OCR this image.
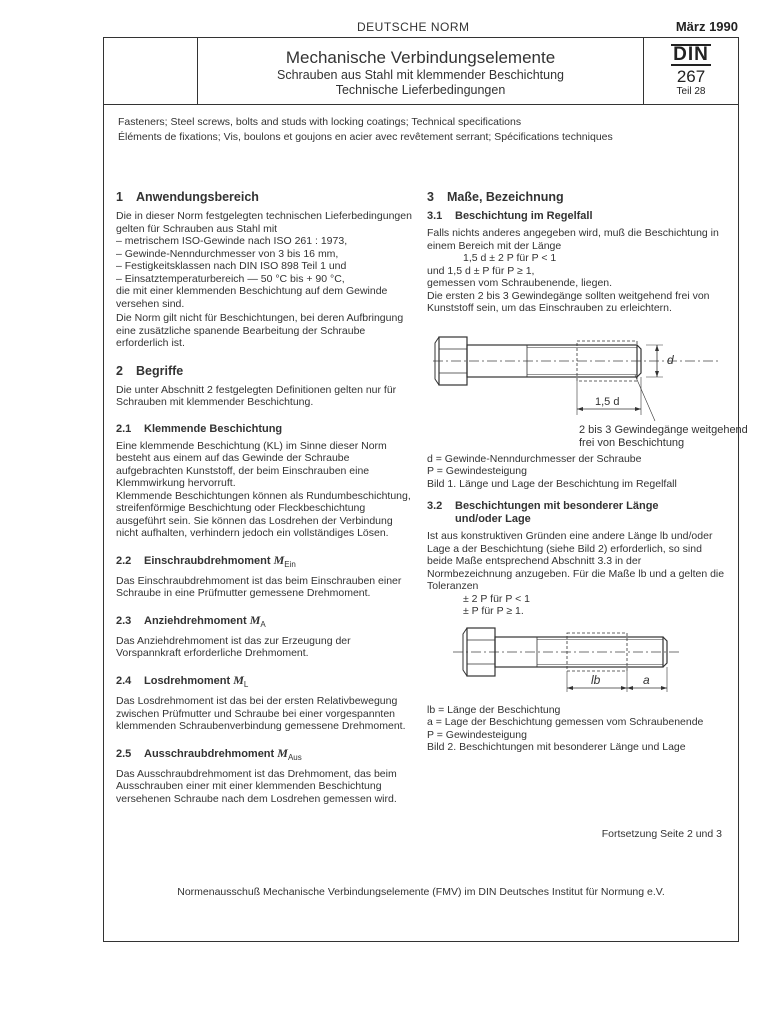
DEUTSCHE NORM	März 1990
Mechanische Verbindungselemente
Schrauben aus Stahl mit klemmender Beschichtung
Technische Lieferbedingungen
DIN
267
Teil 28
Fasteners; Steel screws, bolts and studs with locking coatings; Technical specifications
Éléments de fixations; Vis, boulons et goujons en acier avec revêtement serrant; Spécifications techniques
1 Anwendungsbereich

Die in dieser Norm festgelegten technischen Lieferbedingungen gelten für Schrauben aus Stahl mit

– metrischem ISO-Gewinde nach ISO 261 : 1973,

– Gewinde-Nenndurchmesser von 3 bis 16 mm,

– Festigkeitsklassen nach DIN ISO 898 Teil 1 und

– Einsatztemperaturbereich — 50 °C bis + 90 °C,

die mit einer klemmenden Beschichtung auf dem Gewinde versehen sind.

Die Norm gilt nicht für Beschichtungen, bei deren Aufbringung eine zusätzliche spanende Bearbeitung der Schraube erforderlich ist.

2 Begriffe

Die unter Abschnitt 2 festgelegten Definitionen gelten nur für Schrauben mit klemmender Beschichtung.

2.1 Klemmende Beschichtung

Eine klemmende Beschichtung (KL) im Sinne dieser Norm besteht aus einem auf das Gewinde der Schraube aufgebrachten Kunststoff, der beim Einschrauben eine Klemmwirkung hervorruft.

Klemmende Beschichtungen können als Rundumbeschichtung, streifenförmige Beschichtung oder Fleckbeschichtung ausgeführt sein. Sie können das Losdrehen der Verbindung nicht aufhalten, verhindern jedoch ein vollständiges Lösen.

2.2 Einschraubdrehmoment $M_{Ein}$

Das Einschraubdrehmoment ist das beim Einschrauben einer Schraube in eine Prüfmutter gemessene Drehmoment.

2.3 Anziehdrehmoment $M_A$

Das Anziehdrehmoment ist das zur Erzeugung der Vorspannkraft erforderliche Drehmoment.

2.4 Losdrehmoment $M_L$

Das Losdrehmoment ist das bei der ersten Relativbewegung zwischen Prüfmutter und Schraube bei einer vorgespannten klemmenden Schraubenverbindung gemessene Drehmoment.

2.5 Ausschraubdrehmoment $M_{Aus}$

Das Ausschraubdrehmoment ist das Drehmoment, das beim Ausschrauben einer mit einer klemmenden Beschichtung versehenen Schraube nach dem Losdrehen gemessen wird.

3 Maße, Bezeichnung
3.1 Beschichtung im Regelfall

Falls nichts anderes angegeben wird, muß die Beschichtung in einem Bereich mit der Länge

1,5 d ± 2 P für P < 1

und 1,5 d ± P für P ≥ 1,

gemessen vom Schraubenende, liegen.

Die ersten 2 bis 3 Gewindegänge sollten weitgehend frei von Kunststoff sein, um das Einschrauben zu erleichtern.

d
1,5 d
2 bis 3 Gewindegänge weitgehend
frei von Beschichtung

d = Gewinde-Nenndurchmesser der Schraube

P = Gewindesteigung

Bild 1. Länge und Lage der Beschichtung im Regelfall

3.2 Beschichtungen mit besonderer Länge
und/oder Lage

Ist aus konstruktiven Gründen eine andere Länge lb und/oder Lage a der Beschichtung (siehe Bild 2) erforderlich, so sind beide Maße entsprechend Abschnitt 3.3 in der Normbezeichnung anzugeben. Für die Maße lb und a gelten die Toleranzen

± 2 P für P < 1

± P für P ≥ 1.

lb	a

lb = Länge der Beschichtung

a = Lage der Beschichtung gemessen vom Schraubenende

P = Gewindesteigung

Bild 2. Beschichtungen mit besonderer Länge und Lage

Fortsetzung Seite 2 und 3
Normenausschuß Mechanische Verbindungselemente (FMV) im DIN Deutsches Institut für Normung e.V.
